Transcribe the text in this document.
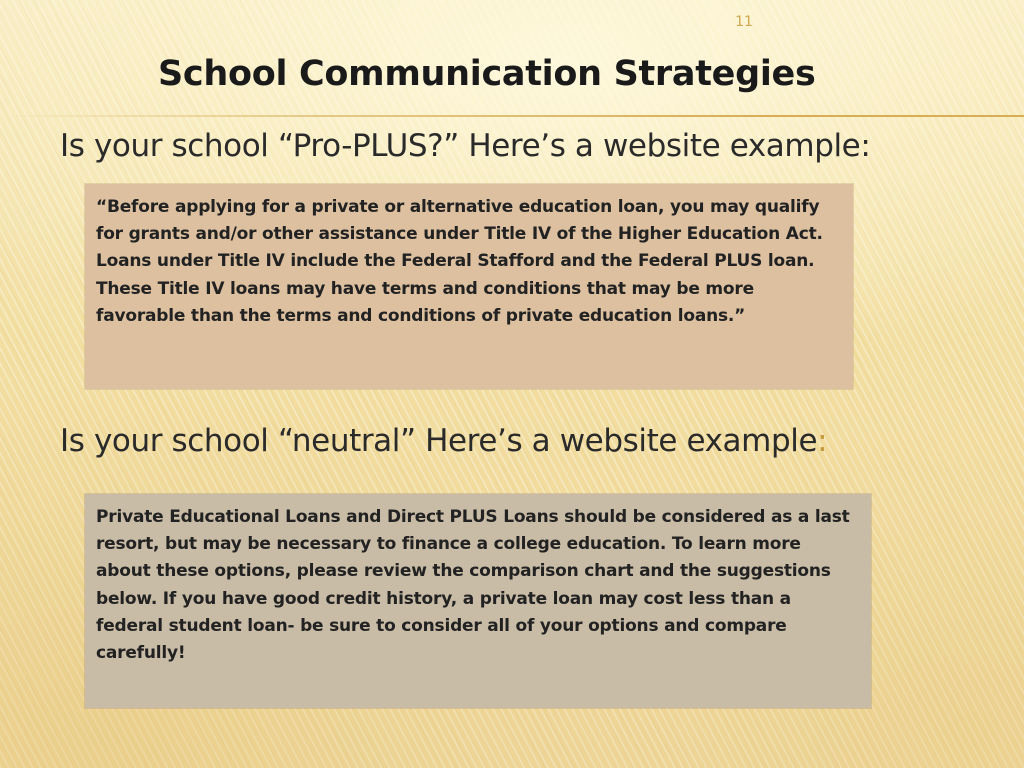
11
School Communication Strategies
Is your school “Pro-PLUS?” Here’s a website example:

“Before applying for a private or alternative education loan, you may qualify for grants and/or other assistance under Title IV of the Higher Education Act. Loans under Title IV include the Federal Stafford and the Federal PLUS loan. These Title IV loans may have terms and conditions that may be more favorable than the terms and conditions of private education loans.”

Is your school “neutral” Here’s a website example:

Private Educational Loans and Direct PLUS Loans should be considered as a last resort, but may be necessary to finance a college education. To learn more about these options, please review the comparison chart and the suggestions below. If you have good credit history, a private loan may cost less than a federal student loan- be sure to consider all of your options and compare carefully!
